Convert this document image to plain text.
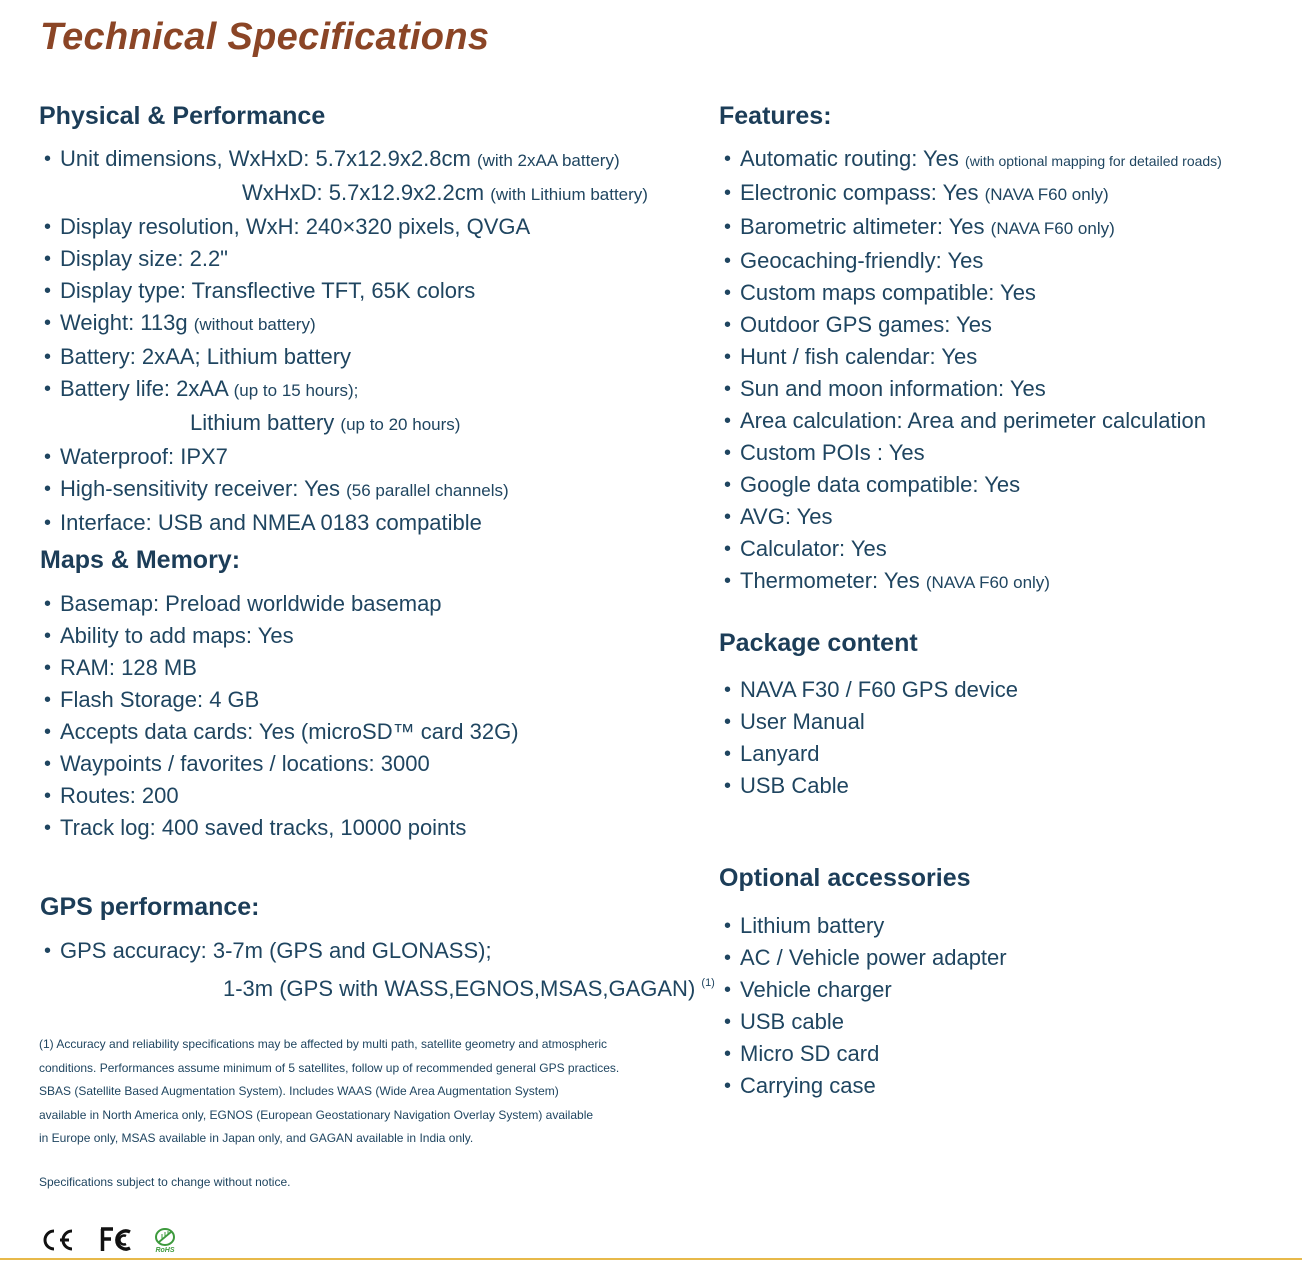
Technical Specifications
Physical & Performance
• Unit dimensions, WxHxD: 5.7x12.9x2.8cm (with 2xAA battery)
WxHxD: 5.7x12.9x2.2cm (with Lithium battery)
• Display resolution, WxH: 240×320 pixels, QVGA
• Display size: 2.2"
• Display type: Transflective TFT, 65K colors
• Weight: 113g (without battery)
• Battery: 2xAA; Lithium battery
• Battery life: 2xAA (up to 15 hours);
Lithium battery (up to 20 hours)
• Waterproof: IPX7
• High-sensitivity receiver: Yes (56 parallel channels)
• Interface: USB and NMEA 0183 compatible
Maps & Memory:
• Basemap: Preload worldwide basemap
• Ability to add maps: Yes
• RAM: 128 MB
• Flash Storage: 4 GB
• Accepts data cards: Yes (microSD™ card 32G)
• Waypoints / favorites / locations: 3000
• Routes: 200
• Track log: 400 saved tracks, 10000 points
GPS performance:
• GPS accuracy: 3-7m (GPS and GLONASS);
1-3m (GPS with WASS,EGNOS,MSAS,GAGAN) $^{(1)}$

(1) Accuracy and reliability specifications may be affected by multi path, satellite geometry and atmospheric

conditions. Performances assume minimum of 5 satellites, follow up of recommended general GPS practices.

SBAS (Satellite Based Augmentation System). Includes WAAS (Wide Area Augmentation System)

available in North America only, EGNOS (European Geostationary Navigation Overlay System) available

in Europe only, MSAS available in Japan only, and GAGAN available in India only.

Specifications subject to change without notice.

Features:
• Automatic routing: Yes (with optional mapping for detailed roads)
• Electronic compass: Yes (NAVA F60 only)
• Barometric altimeter: Yes (NAVA F60 only)
• Geocaching-friendly: Yes
• Custom maps compatible: Yes
• Outdoor GPS games: Yes
• Hunt / fish calendar: Yes
• Sun and moon information: Yes
• Area calculation: Area and perimeter calculation
• Custom POIs : Yes
• Google data compatible: Yes
• AVG: Yes
• Calculator: Yes
• Thermometer: Yes (NAVA F60 only)
Package content
• NAVA F30 / F60 GPS device
• User Manual
• Lanyard
• USB Cable
Optional accessories
• Lithium battery
• AC / Vehicle power adapter
• Vehicle charger
• USB cable
• Micro SD card
• Carrying case
RoHS
